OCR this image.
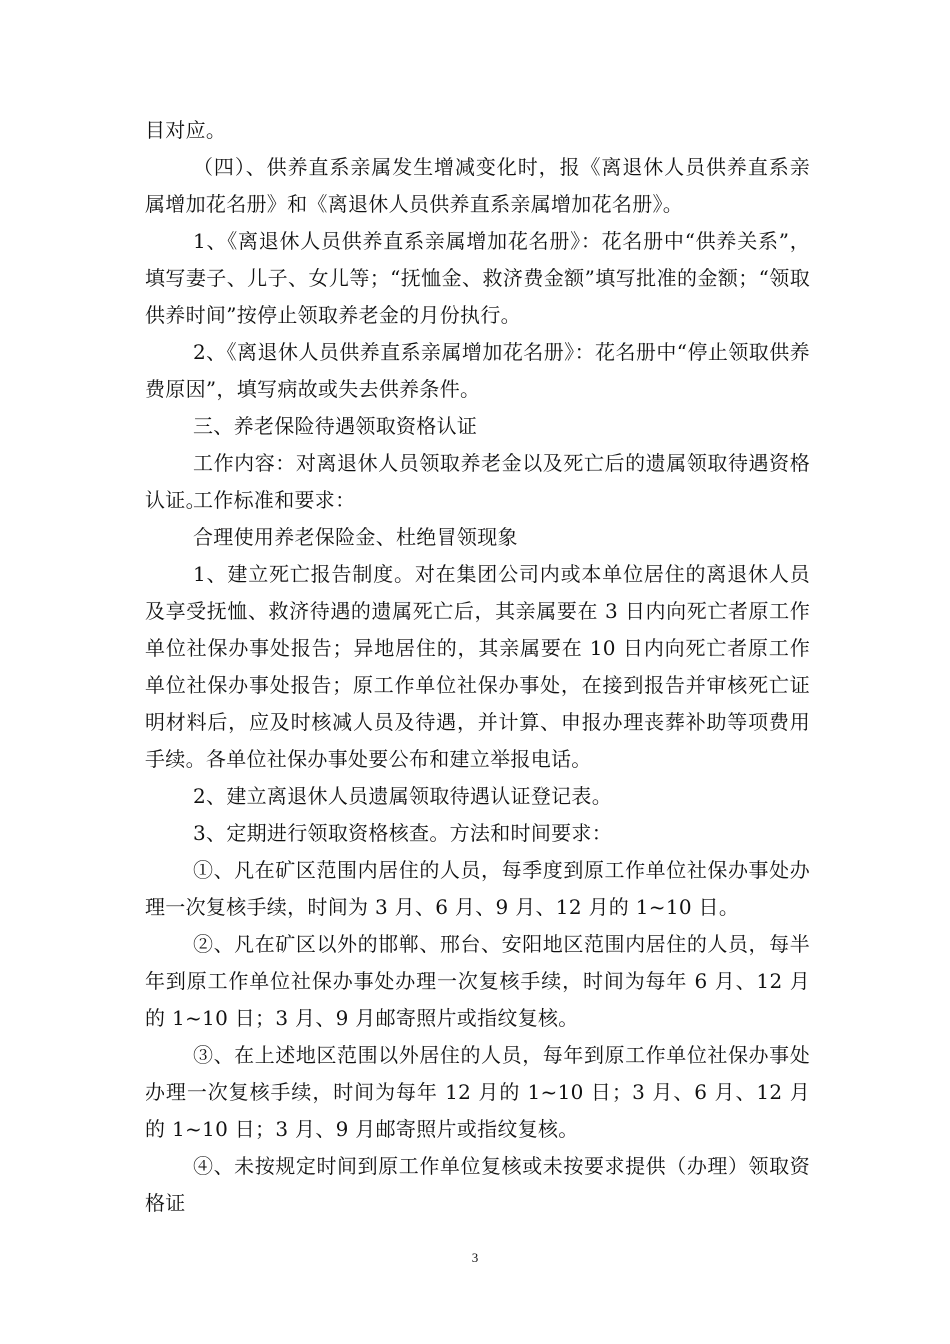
目对应。

（四）、供养直系亲属发生增减变化时，报《离退休人员供养直系亲属增加花名册》和《离退休人员供养直系亲属增加花名册》。

1、《离退休人员供养直系亲属增加花名册》：花名册中“供养关系”，填写妻子、儿子、女儿等；“抚恤金、救济费金额”填写批准的金额；“领取供养时间”按停止领取养老金的月份执行。

2、《离退休人员供养直系亲属增加花名册》：花名册中“停止领取供养费原因”，填写病故或失去供养条件。

三、养老保险待遇领取资格认证

工作内容：对离退休人员领取养老金以及死亡后的遗属领取待遇资格认证。

工作标准和要求：

合理使用养老保险金、杜绝冒领现象

1、建立死亡报告制度。对在集团公司内或本单位居住的离退休人员及享受抚恤、救济待遇的遗属死亡后，其亲属要在 3 日内向死亡者原工作单位社保办事处报告；异地居住的，其亲属要在 10 日内向死亡者原工作单位社保办事处报告；原工作单位社保办事处，在接到报告并审核死亡证明材料后，应及时核减人员及待遇，并计算、申报办理丧葬补助等项费用手续。各单位社保办事处要公布和建立举报电话。

2、建立离退休人员遗属领取待遇认证登记表。

3、定期进行领取资格核查。方法和时间要求：

①、凡在矿区范围内居住的人员，每季度到原工作单位社保办事处办理一次复核手续，时间为 3 月、6 月、9 月、12 月的 1~10 日。

②、凡在矿区以外的邯郸、邢台、安阳地区范围内居住的人员，每半年到原工作单位社保办事处办理一次复核手续，时间为每年 6 月、12 月的 1~10 日；3 月、9 月邮寄照片或指纹复核。

③、在上述地区范围以外居住的人员，每年到原工作单位社保办事处办理一次复核手续，时间为每年 12 月的 1~10 日；3 月、6 月、12 月的 1~10 日；3 月、9 月邮寄照片或指纹复核。

④、未按规定时间到原工作单位复核或未按要求提供（办理）领取资格证

3
